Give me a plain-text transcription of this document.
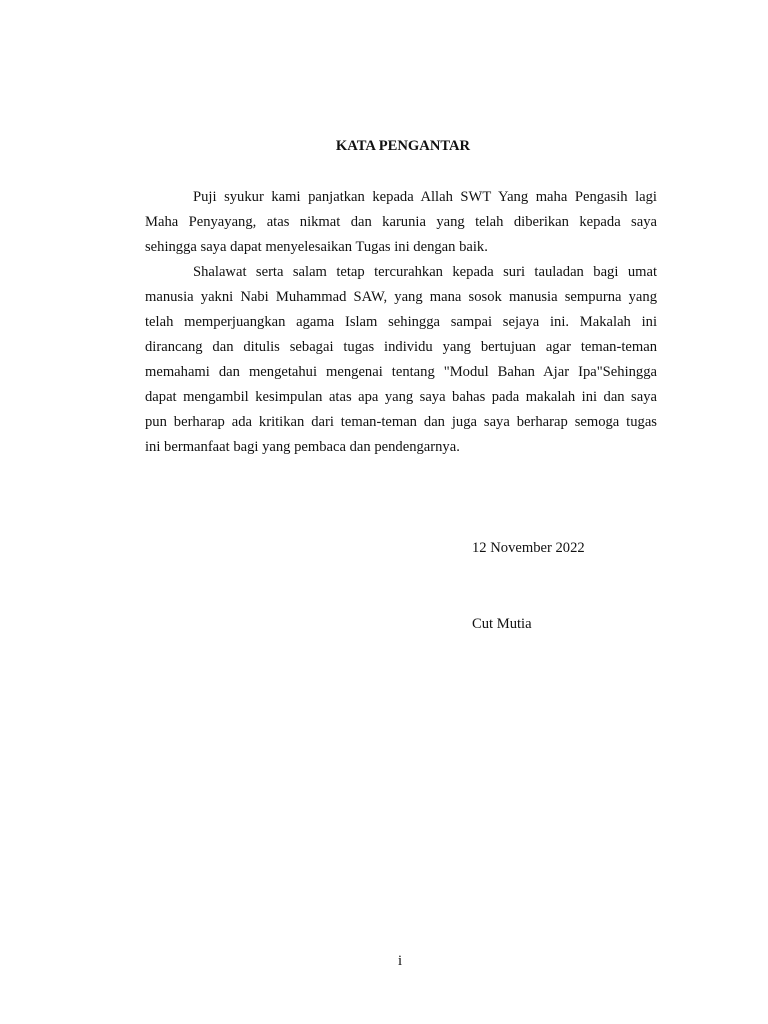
KATA PENGANTAR
Puji syukur kami panjatkan kepada Allah SWT Yang maha Pengasih lagi
Maha Penyayang, atas nikmat dan karunia yang telah diberikan kepada saya
sehingga saya dapat menyelesaikan Tugas ini dengan baik.
Shalawat serta salam tetap tercurahkan kepada suri tauladan bagi umat
manusia yakni Nabi Muhammad SAW, yang mana sosok manusia sempurna yang
telah memperjuangkan agama Islam sehingga sampai sejaya ini. Makalah ini
dirancang dan ditulis sebagai tugas individu yang bertujuan agar teman-teman
memahami dan mengetahui mengenai tentang "Modul Bahan Ajar Ipa"Sehingga
dapat mengambil kesimpulan atas apa yang saya bahas pada makalah ini dan saya
pun berharap ada kritikan dari teman-teman dan juga saya berharap semoga tugas
ini bermanfaat bagi yang pembaca dan pendengarnya.
12 November 2022
Cut Mutia
i
